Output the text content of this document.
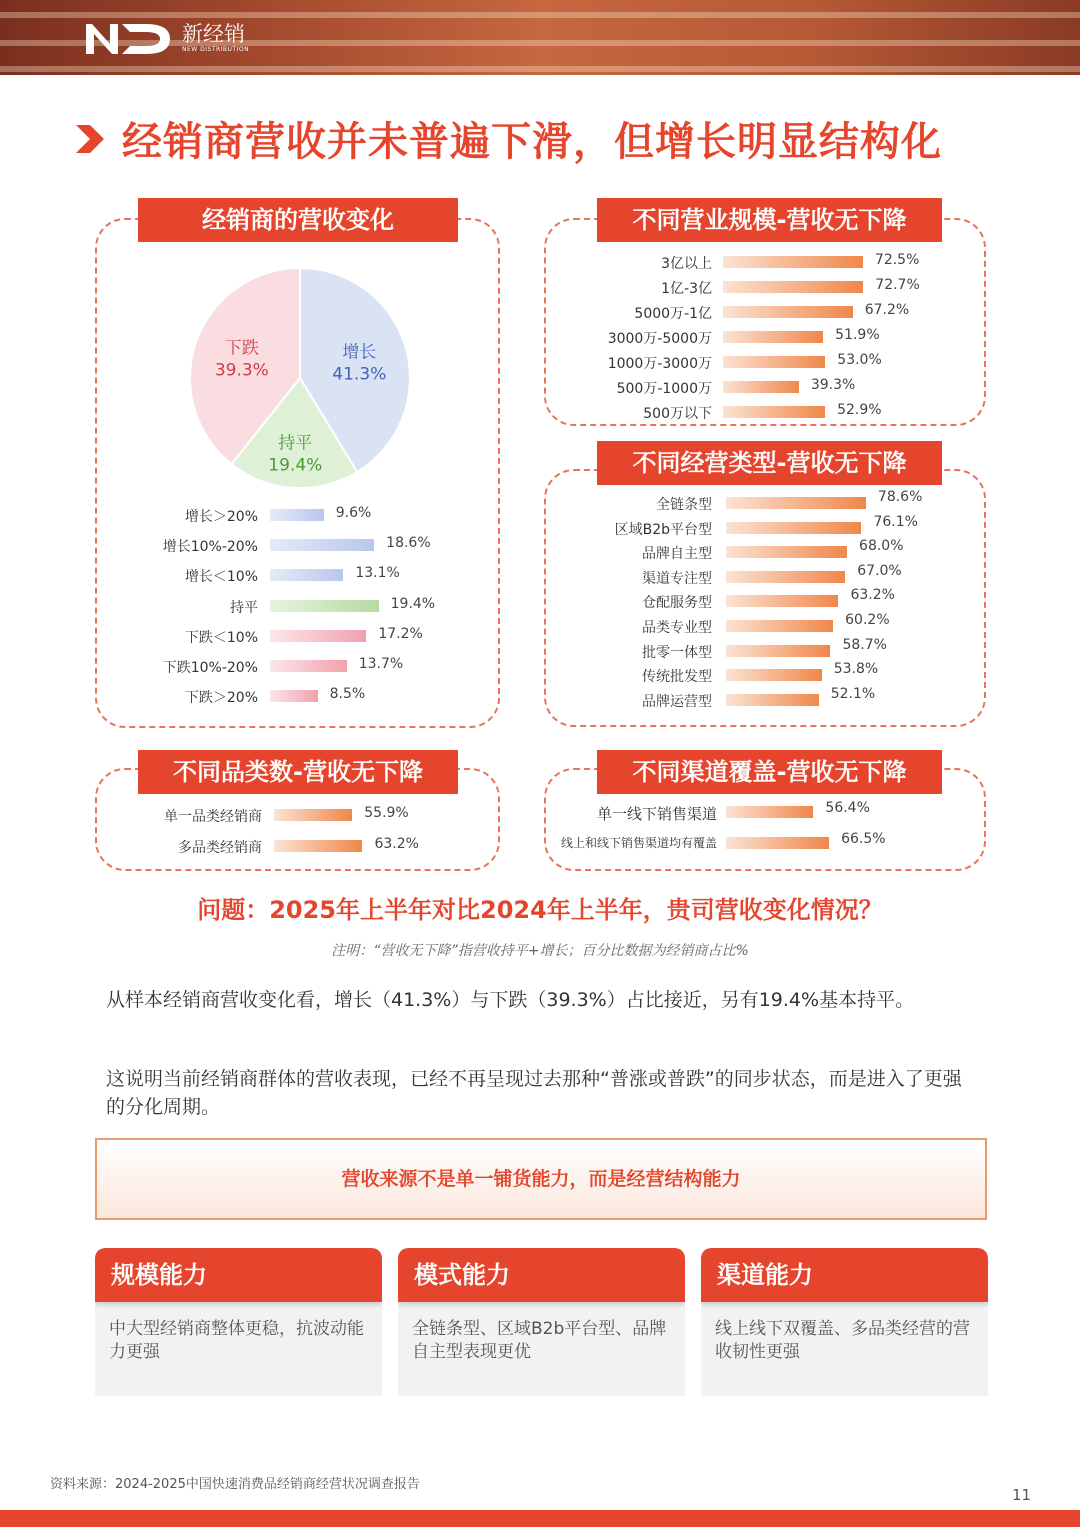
新经销
NEW DISTRIBUTION
经销商营收并未普遍下滑，但增长明显结构化
经销商的营收变化
增长
41.3%
持平
19.4%
下跌
39.3%
增长＞20%	9.6%
增长10%-20%	18.6%
增长＜10%	13.1%
持平	19.4%
下跌＜10%	17.2%
下跌10%-20%	13.7%
下跌＞20%	8.5%
不同营业规模-营收无下降
3亿以上	72.5%
1亿-3亿	72.7%
5000万-1亿	67.2%
3000万-5000万	51.9%
1000万-3000万	53.0%
500万-1000万	39.3%
500万以下	52.9%
不同经营类型-营收无下降
全链条型	78.6%
区域B2b平台型	76.1%
品牌自主型	68.0%
渠道专注型	67.0%
仓配服务型	63.2%
品类专业型	60.2%
批零一体型	58.7%
传统批发型	53.8%
品牌运营型	52.1%
不同品类数-营收无下降
单一品类经销商	55.9%
多品类经销商	63.2%
不同渠道覆盖-营收无下降
单一线下销售渠道	56.4%
线上和线下销售渠道均有覆盖	66.5%
问题：2025年上半年对比2024年上半年，贵司营收变化情况？
注明：“营收无下降”指营收持平+增长；百分比数据为经销商占比%

从样本经销商营收变化看，增长（41.3%）与下跌（39.3%）占比接近，另有19.4%基本持平。

这说明当前经销商群体的营收表现，已经不再呈现过去那种“普涨或普跌”的同步状态，而是进入了更强的分化周期。

营收来源不是单一铺货能力，而是经营结构能力
规模能力
中大型经销商整体更稳，抗波动能力更强
模式能力
全链条型、区域B2b平台型、品牌自主型表现更优
渠道能力
线上线下双覆盖、多品类经营的营收韧性更强
资料来源：2024-2025中国快速消费品经销商经营状况调查报告
11
